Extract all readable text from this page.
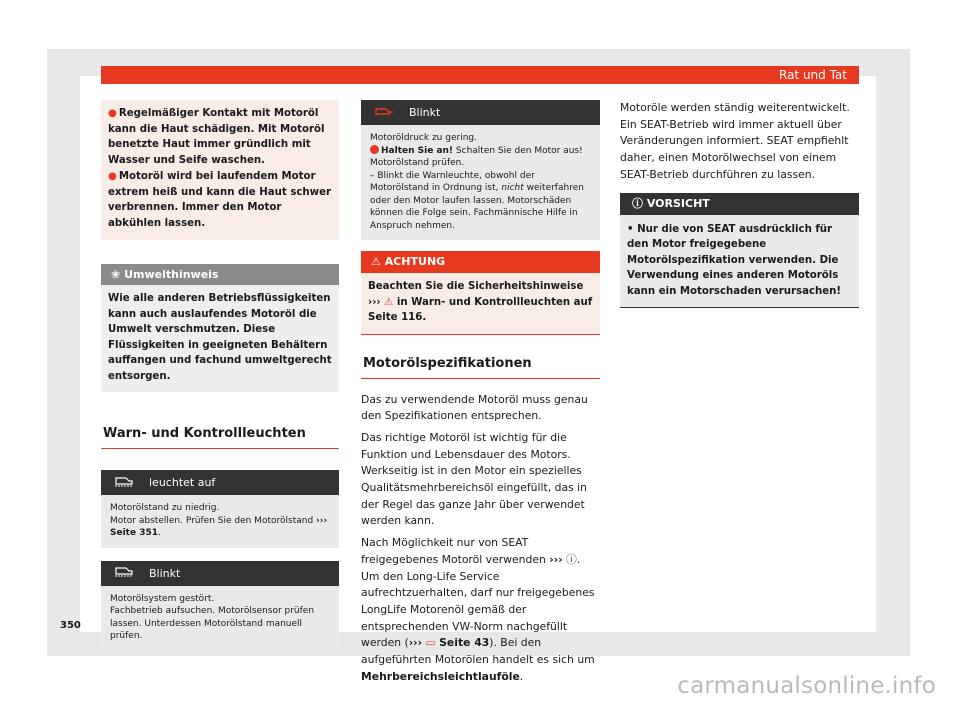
Rat und Tat

● Regelmäßiger Kontakt mit Motoröl kann die Haut schädigen. Mit Motoröl benetzte Haut immer gründlich mit Wasser und Seife waschen.

● Motoröl wird bei laufendem Motor extrem heiß und kann die Haut schwer verbrennen. Immer den Motor abkühlen lassen.

❀ Umwelthinweis
Wie alle anderen Betriebsflüssigkeiten kann auch auslaufendes Motoröl die Umwelt verschmutzen. Diese Flüssigkeiten in geeigneten Behältern auffangen und fachund umweltgerecht entsorgen.
Warn- und Kontrollleuchten
leuchtet auf
Motorölstand zu niedrig.
Motor abstellen. Prüfen Sie den Motorölstand ››› Seite 351.
Blinkt
Motorölsystem gestört.
Fachbetrieb aufsuchen. Motorölsensor prüfen lassen. Unterdessen Motorölstand manuell prüfen.
Blinkt
Motoröldruck zu gering.
Halten Sie an! Schalten Sie den Motor aus! Motorölstand prüfen.
– Blinkt die Warnleuchte, obwohl der Motorölstand in Ordnung ist, nicht weiterfahren oder den Motor laufen lassen. Motorschäden können die Folge sein. Fachmännische Hilfe in Anspruch nehmen.
⚠ ACHTUNG
Beachten Sie die Sicherheitshinweise ››› ⚠ in Warn- und Kontrollleuchten auf Seite 116.
Motorölspezifikationen

Das zu verwendende Motoröl muss genau den Spezifikationen entsprechen.

Das richtige Motoröl ist wichtig für die Funktion und Lebensdauer des Motors. Werkseitig ist in den Motor ein spezielles Qualitätsmehrbereichsöl eingefüllt, das in der Regel das ganze Jahr über verwendet werden kann.

Nach Möglichkeit nur von SEAT freigegebenes Motoröl verwenden ››› ⓘ. Um den Long-Life Service aufrechtzuerhalten, darf nur freigegebenes LongLife Motorenöl gemäß der entsprechenden VW-Norm nachgefüllt werden (››› ▭ Seite 43). Bei den aufgeführten Motorölen handelt es sich um Mehrbereichsleichtlauföle.

Motoröle werden ständig weiterentwickelt. Ein SEAT-Betrieb wird immer aktuell über Veränderungen informiert. SEAT empfiehlt daher, einen Motorölwechsel von einem SEAT-Betrieb durchführen zu lassen.

ⓘ VORSICHT
• Nur die von SEAT ausdrücklich für den Motor freigegebene Motorölspezifikation verwenden. Die Verwendung eines anderen Motoröls kann ein Motorschaden verursachen!
350
carmanualsonline.info
